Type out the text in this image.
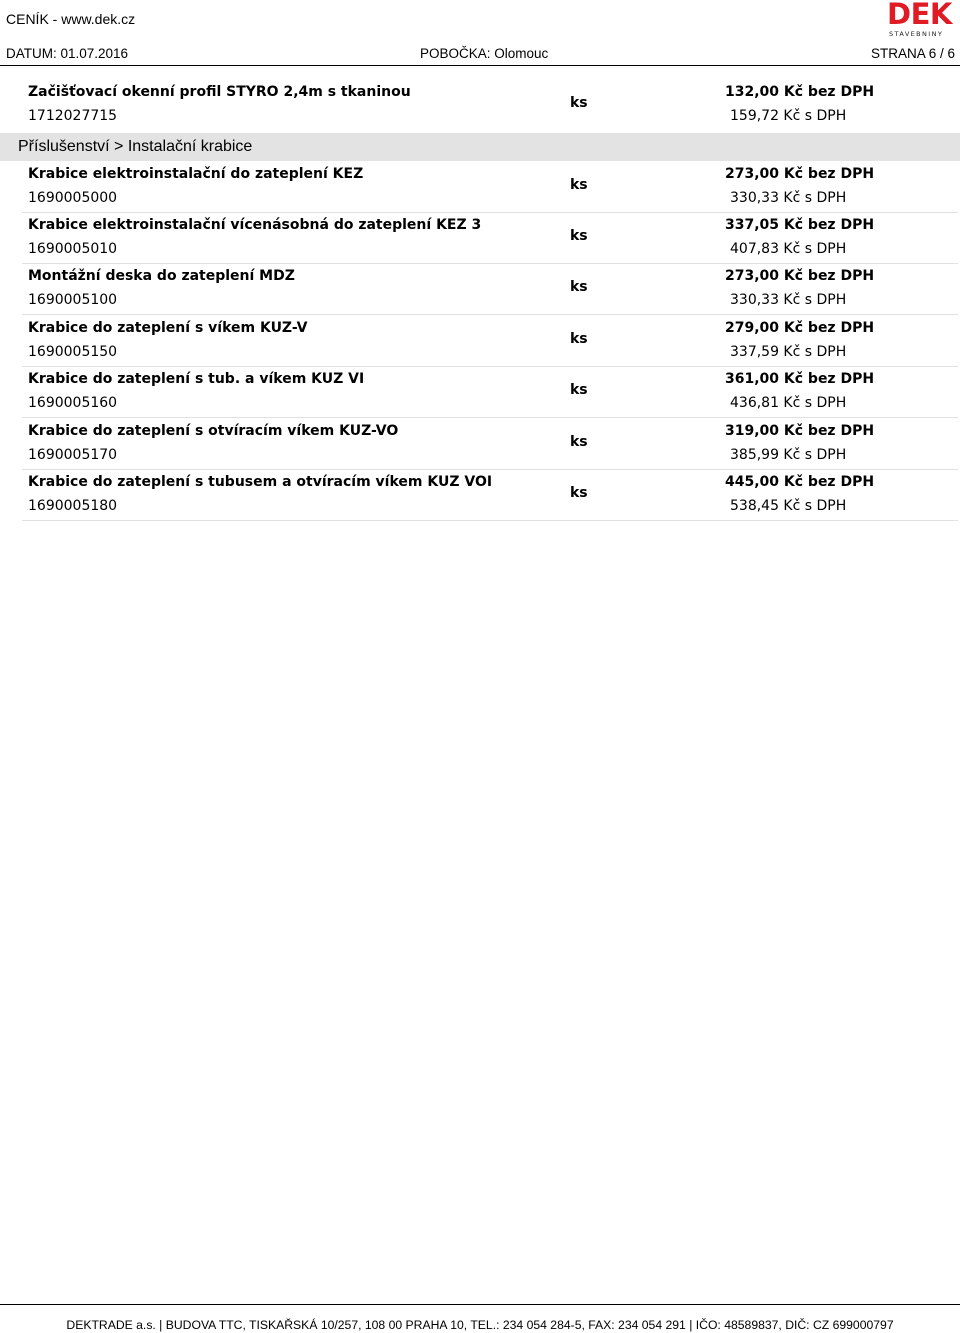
CENÍK - www.dek.cz	DEK
STAVEBNINY
DATUM: 01.07.2016	POBOČKA: Olomouc	STRANA 6 / 6
Začišťovací okenní profil STYRO 2,4m s tkaninou
1712027715
ks
132,00 Kč bez DPH
159,72 Kč s DPH
Příslušenství > Instalační krabice
Krabice elektroinstalační do zateplení KEZ
1690005000
ks
273,00 Kč bez DPH
330,33 Kč s DPH
Krabice elektroinstalační vícenásobná do zateplení KEZ 3
1690005010
ks
337,05 Kč bez DPH
407,83 Kč s DPH
Montážní deska do zateplení MDZ
1690005100
ks
273,00 Kč bez DPH
330,33 Kč s DPH
Krabice do zateplení s víkem KUZ-V
1690005150
ks
279,00 Kč bez DPH
337,59 Kč s DPH
Krabice do zateplení s tub. a víkem KUZ VI
1690005160
ks
361,00 Kč bez DPH
436,81 Kč s DPH
Krabice do zateplení s otvíracím víkem KUZ-VO
1690005170
ks
319,00 Kč bez DPH
385,99 Kč s DPH
Krabice do zateplení s tubusem a otvíracím víkem KUZ VOI
1690005180
ks
445,00 Kč bez DPH
538,45 Kč s DPH
DEKTRADE a.s. | BUDOVA TTC, TISKAŘSKÁ 10/257, 108 00 PRAHA 10, TEL.: 234 054 284-5, FAX: 234 054 291 | IČO: 48589837, DIČ: CZ 699000797
